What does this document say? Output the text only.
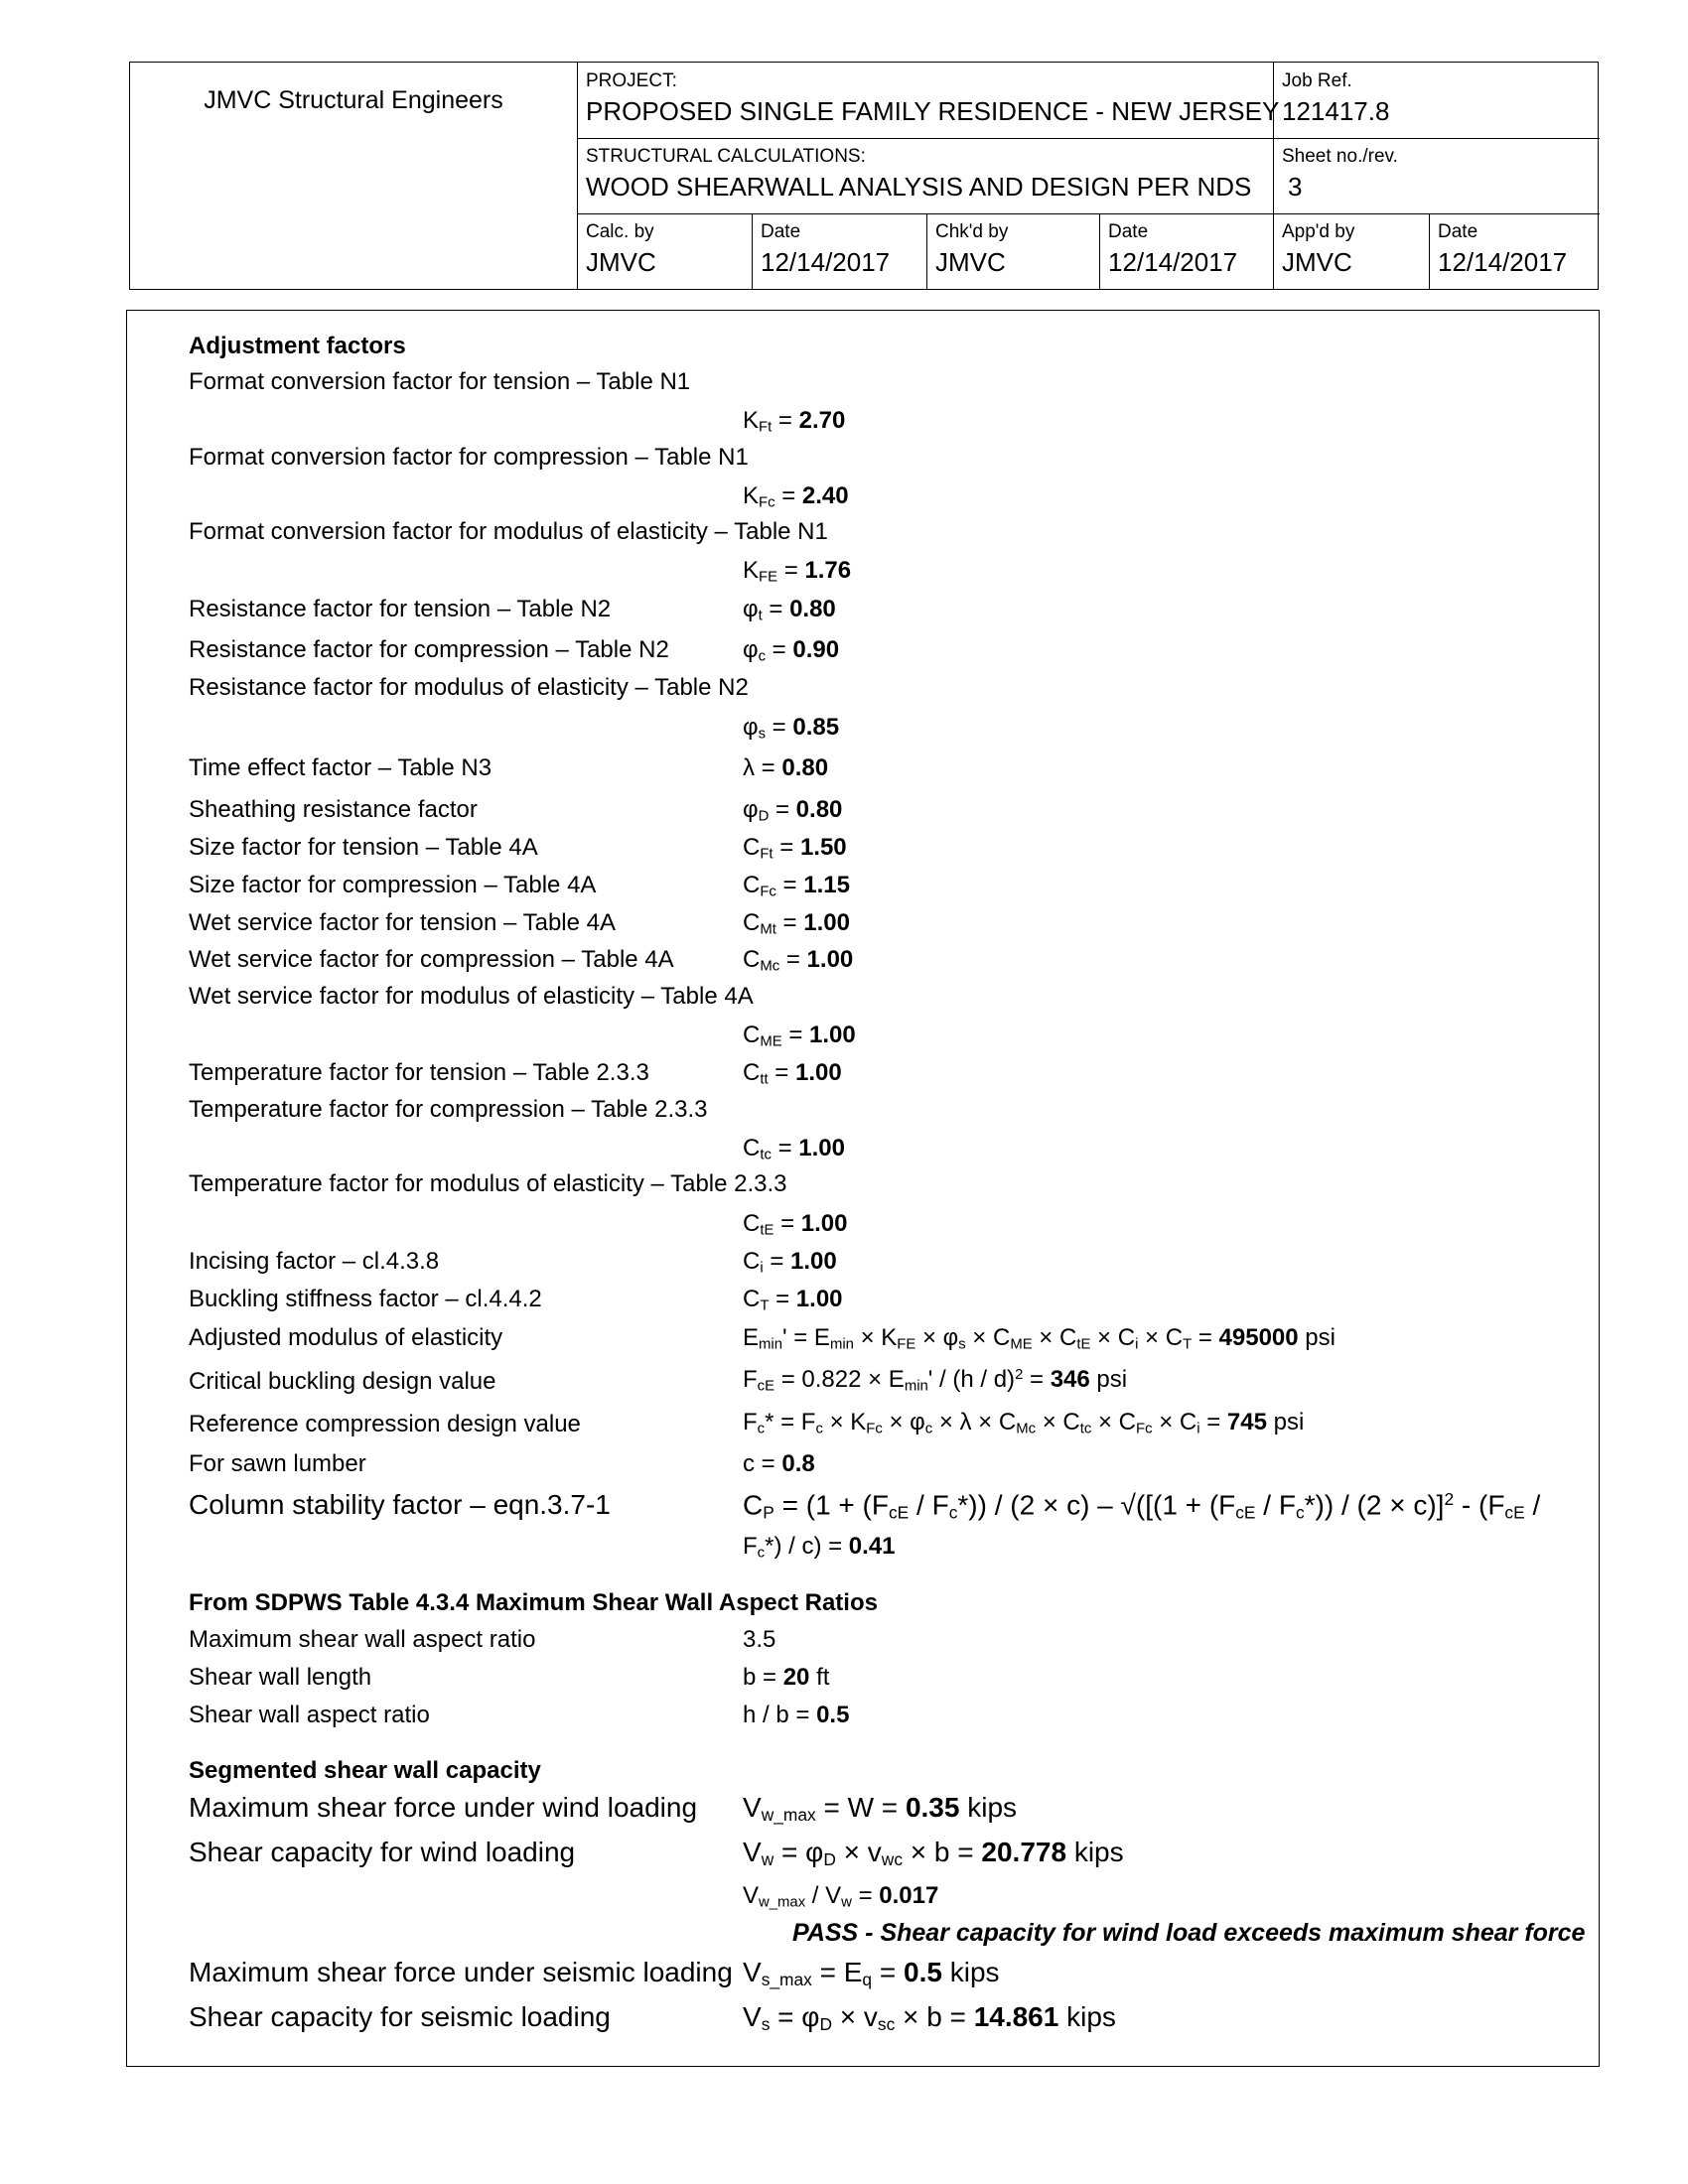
JMVC Structural Engineers
PROJECT:
PROPOSED SINGLE FAMILY RESIDENCE - NEW JERSEY
Job Ref.
121417.8
STRUCTURAL CALCULATIONS:
WOOD SHEARWALL ANALYSIS AND DESIGN PER NDS
Sheet no./rev.
3
Calc. by
JMVC
Date
12/14/2017
Chk'd by
JMVC
Date
12/14/2017
App'd by
JMVC
Date
12/14/2017
Adjustment factors
Format conversion factor for tension – Table N1
$K_{Ft} = 2.70$
Format conversion factor for compression – Table N1
$K_{Fc} = 2.40$
Format conversion factor for modulus of elasticity – Table N1
$K_{FE} = 1.76$
Resistance factor for tension – Table N2	$\varphi_t = 0.80$
Resistance factor for compression – Table N2	$\varphi_c = 0.90$
Resistance factor for modulus of elasticity – Table N2
$\varphi_s = 0.85$
Time effect factor – Table N3	λ = 0.80
Sheathing resistance factor	$\varphi_D = 0.80$
Size factor for tension – Table 4A	$C_{Ft} = 1.50$
Size factor for compression – Table 4A	$C_{Fc} = 1.15$
Wet service factor for tension – Table 4A	$C_{Mt} = 1.00$
Wet service factor for compression – Table 4A	$C_{Mc} = 1.00$
Wet service factor for modulus of elasticity – Table 4A
$C_{ME} = 1.00$
Temperature factor for tension – Table 2.3.3	$C_{tt} = 1.00$
Temperature factor for compression – Table 2.3.3
$C_{tc} = 1.00$
Temperature factor for modulus of elasticity – Table 2.3.3
$C_{tE} = 1.00$
Incising factor – cl.4.3.8	$C_i = 1.00$
Buckling stiffness factor – cl.4.4.2	$C_T = 1.00$
Adjusted modulus of elasticity	$E_{min}' = E_{min} \times K_{FE} \times \varphi_s \times C_{ME} \times C_{tE} \times C_i \times C_T = 495000$ psi
Critical buckling design value	$F_{cE} = 0.822 \times E_{min}' / (h / d)^2 = 346$ psi
Reference compression design value	$F_c* = F_c \times K_{Fc} \times \varphi_c \times \lambda \times C_{Mc} \times C_{tc} \times C_{Fc} \times C_i = 745$ psi
For sawn lumber	c = 0.8
Column stability factor – eqn.3.7-1	$C_P = (1 + (F_{cE} / F_c*)) / (2 \times c) - √([(1 + (F_{cE} / F_c*)) / (2 \times c)]^2 - (F_{cE}$ /
$F_c*) / c) = 0.41$
From SDPWS Table 4.3.4 Maximum Shear Wall Aspect Ratios
Maximum shear wall aspect ratio	3.5
Shear wall length	b = 20 ft
Shear wall aspect ratio	h / b = 0.5
Segmented shear wall capacity
Maximum shear force under wind loading $V_{w\_max} = W = 0.35$ kips
Shear capacity for wind loading	$V_w = \varphi_D \times v_{wc} \times b = 20.778$ kips
$V_{w\_max} / V_w = 0.017$
PASS - Shear capacity for wind load exceeds maximum shear force
Maximum shear force under seismic loading $V_{s\_max} = E_q = 0.5$ kips
Shear capacity for seismic loading	$V_s = \varphi_D \times v_{sc} \times b = 14.861$ kips
